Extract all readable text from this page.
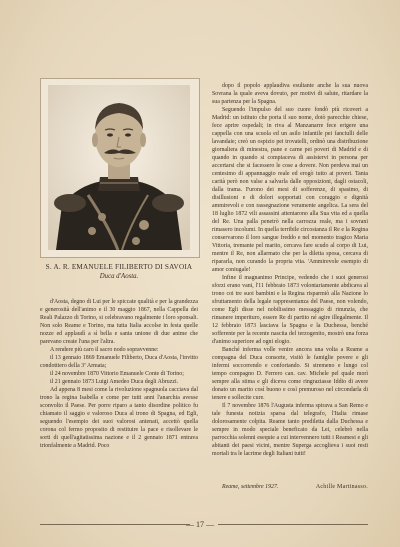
S. A. R. EMANUELE FILIBERTO DI SAVOIA
Duca d'Aosta.

d'Aosta, degno di Lui per le spiccate qualità e per la grandezza e generosità dell'animo e il 30 maggio 1867, nella Cappella dei Reali Palazzo di Torino, si celebravano regalmente i loro sponsali. Non solo Reame e Torino, ma tutta Italia accolse in festa quelle nozze ed applaudì a sì bella e santa unione di due anime che parevano create l'una per l'altra.

A rendere più caro il sacro nodo sopravvenne:

il 13 gennaio 1869 Emanuele Filiberto, Duca d'Aosta, l'invitto condottiero della 3ª Armata;

il 24 novembre 1870 Vittorio Emanuele Conte di Torino;

il 21 gennaio 1873 Luigi Amedeo Duca degli Abruzzi.

Ad appena 8 mesi come la rivoluzione spagnuola cacciava dal trono la regina Isabella e come per tutti anni l'anarchia avesse sconvolto il Paese. Per porre riparo a tanto disordine politico fu chiamato il saggio e valoroso Duca al trono di Spagna, ed Egli, seguendo l'esempio dei suoi valorosi antenati, accettò quella corona col fermo proposito di restituire la pace e risollevare le sorti di quell'agitatissima nazione e il 2 gennaio 1871 entrava trionfalmente a Madrid. Poco

dopo il popolo applaudiva esultante anche la sua nuova Sovrana la quale aveva dovuto, per motivi di salute, ritardare la sua partenza per la Spagna.

Seguendo l'impulso del suo cuore fondò più ricoveri a Madrid: un istituto che porta il suo nome, dotò parecchie chiese, fece aprire ospedali; in riva al Manzanarre fece erigere una cappella con una scuola ed un asilo infantile pei fanciulli delle lavandaie; creò un ospizio pei trovatelli, ordinò una distribuzione giornaliera di minestra, pane e carne pei poveri di Madrid e di quando in quando si compiaceva di assistervi in persona per accertarsi che si facessero le cose a dovere. Non perdeva mai un centesimo di appannaggio reale ed erogò tutto ai poveri. Tanta carità però non valse a salvarla dalle opposizioni, dagli ostacoli, dalla trama. Furono dei mesi di sofferenze, di spasimo, di disillusioni e di dolori sopportati con coraggio e dignità ammirevoli e con rassegnazione veramente angelica. La sera del 18 luglio 1872 vili assassini attentarono alla Sua vita ed a quella del Re. Una palla penetrò nella carrozza reale, ma i sovrani rimasero incolumi. In quella terribile circostanza il Re e la Regina conservarono il loro sangue freddo e nel momento tragico Maria Vittoria, tremante pel marito, cercava fare scudo al corpo di Lui, mentre il Re, non allarmato che per la diletta sposa, cercava di ripararla, non curando la propria vita. 'Ammirevole esempio di amor coniugale!

Infine il magnanimo Principe, vedendo che i suoi generosi sforzi erano vani, l'11 febbraio 1873 volontariamente abdicava al trono coi tre suoi bambini e la Regina risparmiò alla Nazione lo sfruttamento della legale rappresentanza del Paese, non volendo, come Egli disse nel nobilissimo messaggio di rinunzia, che rimanere imperituro, essere Re di partito né agire illegalmente. Il 12 febbraio 1873 lasciava la Spagna e la Duchessa, benché sofferente per la recente nascita del terzogenito, mostrò una forza d'animo superiore ad ogni elogio.

Banché inferma volle venire ancora una volta a Reame a compagna del Duca consorte, visitò le famiglie povere e gli infermi soccorrendo e confortando. Si stremeno e lungo col tempo compagno D. Ferrero can. cav. Michele pel quale morì sempre alla stima e gli diceva come ringraziasse Iddio di avere donato un marito così buono e così premuroso nel circondarla di tenere e sollecite cure.

Il 7 novembre 1876 l'Augusta inferma spirava a San Remo e tale funesta notizia sparsa dal telegrafo, l'Italia rimase dolorosamente colpita. Reame tanto prediletta dalla Duchessa e sempre in modo speciale beneficato da Lei, celebrò nella parrocchia solenni esequie a cui intervennero tutti i Reamesi e gli abitanti dei paesi vicini, mentre Superga accoglieva i suoi resti mortali tra le lacrime degli Italiani tutti!

Reame, settembre 1927.	Achille Martinasso.
— 17 —
